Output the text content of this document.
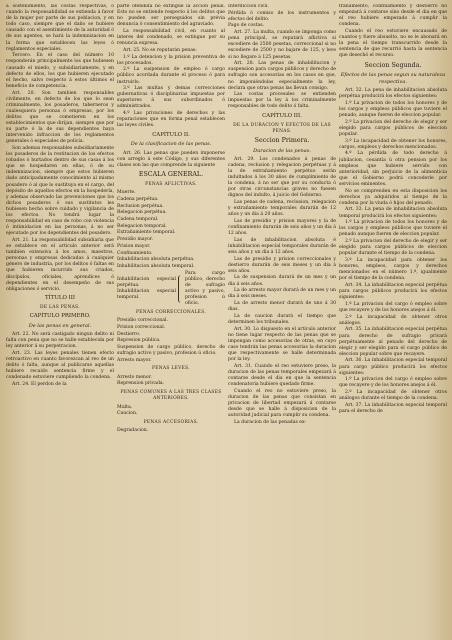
a sostenimiento, las costas respectivas, ó cuando la responsabilidad se extienda á favor de la mujer por parte de sus poblacion, y en todo caso, siempre que el daño se hubiere causado con el asentimiento de la autoridad ó de sus agentes, se hará la indemnizacion en la forma que establecen las leyes ó reglamentos especiales.

Tercero. En el caso del número 10 responderán principalmente los que hubiesen causado el miedo, y subsidiariamente, y en defecto de ellos, los que hubieren ejecutado el hecho, salvo respecto á estos últimos el beneficio de competencia.

Art. 20. Son tambien responsables civilmente, en defecto de los que lo sean criminalmente, los posaderos, taberneros y cualesquiera personas ó empresas, por los delitos que se cometieren en los establecimientos que dirijan, siempre que por su parte ó la de sus dependientes haya intervenido infraccion de los reglamentos generales ó especiales de policía.

Son ademas responsables subsidiariamente los posaderos de la restitucion de los efectos robados ó hurtados dentro de sus casas á los que se hospedaren en ellas, ó de su indemnizacion, siempre que estos hubieren dado anticipadamente conocimiento al mismo posadero ó al que lo sustituya en el cargo, del depósito de aquellos efectos en la hospedería, y ademas observado las prevenciones que los dichos posaderos ó sus sustitutos les hubiesen hecho sobre cuidado y vigilancia de los efectos. No tendrá lugar la responsabilidad en caso de robo con violencia ó intimidacion en las personas, á no ser ejecutado por los dependientes del posadero.

Art. 21. La responsabilidad subsidiaria que se establece en el artículo anterior será tambien extensiva á los amos, maestros, personas y empresas dedicadas á cualquier género de industria, por los delitos ó faltas en que hubieren incurrido sus criados, discípulos, oficiales, aprendices ó dependientes en el desempeño de sus obligaciones ó servicio.

TÍTULO III

DE LAS PENAS.

CAPÍTULO PRIMERO.

De las penas en general.

Art. 22. No será castigado ningun delito ni falta con pena que no se halle establecida por ley anterior á su perpetracion.

Art. 23. Las leyes penales tienen efecto retroactivo en cuanto favorezcan al reo de un delito ó falta, aunque al publicarse aquellas hubiere recaido sentencia firme y el condenado estuviere cumpliendo la condena.

Art. 24. El perdon de la

parte ofendida no extingue la accion penal. Esto no se entiende respecto á los delitos que no pueden ser perseguidos sin prévia denuncia ó consentimiento del agraviado.

La responsabilidad civil, en cuanto al interes del condenado, se extingue por su renuncia expresa.

Art. 25. No se reputarán penas:

1.º La detencion y la prision preventiva de los procesados.

2.º La suspension de empleo ó cargo público acordada durante el proceso ó para instruirlo.

3.º Las multas y demas correcciones gubernativas ó disciplinarias impuestas por superiores á sus subordinados ó administrados.

4.º Las privaciones de derechos y las reparaciones que en forma penal establecen las leyes civiles.

CAPÍTULO II.

De la clasificacion de las penas.

Art. 26. Las penas que pueden imponerse con arreglo á este Código, y sus diferentes clases son las que comprende la siguiente

ESCALA GENERAL.

PENAS AFLICTIVAS.

Muerte.

Cadena perpétua.

Reclusion perpétua.

Relegacion perpétua.

Cadena temporal.

Relegacion temporal.

Extrañamiento temporal.

Presidio mayor.

Prision mayor.

Confinamiento.

Inhabilitacion absoluta perpétua.

Inhabilitacion absoluta temporal.

Inhabilitacion especial perpétua.

Inhabilitacion especial temporal.

Para cargo público, derecho de sufragio activo y pasivo, profesion ú oficio.

PENAS CORRECCIONALES.

Presidio correccional.

Prision correccional.

Destierro.

Represion pública.

Suspension de cargo público, derecho de sufragio activo y pasivo, profesion ú oficio.

Arresto mayor.

PENAS LEVES.

Arresto menor.

Reprension privada.

PENAS COMUNES A LAS TRES CLASES ANTERIORES.

Multa.

Caucion.

PENAS ACCESORIAS.

Degradacion.

Interdiccion civil.

Pérdida ó comiso de los instrumentos y efectos del delito.

Pago de costas.

Art. 27. La multa, cuando se imponga como pena principal, se reputará aflictiva si excediere de 2500 pesetas, correccional si no excediere de 2500 y no bajare de 125, y leve si no llegare á 125 pesetas.

Art. 28. Las penas de inhabilitacion y suspension para cargos públicos y derecho de sufragio son accesorias en los casos en que, no imponiéndolas especialmente la ley, declara que otras penas las llevan consigo.

Las costas procesales se entienden impuestas por la ley á los criminalmente responsables de todo delito ó falta.

CAPÍTULO III.

DE LA DURACION Y EFECTOS DE LAS PENAS.

Seccion Primera.

Duracion de las penas.

Art. 29. Los condenados á penas de cadena, reclusion y relegacion perpétuas y á la de extrañamiento perpétuo serán indultados á los 30 años de cumplimiento de la condena, á no ser que por su conducta ó por otras circunstancias graves no fuesen dignos del indulto, á juicio del Gobierno.

Las penas de cadena, reclusion, relegacion y extrañamiento temporales durarán de 12 años y un dia á 20 años.

Las de presidio y prision mayores y la de confinamiento durarán de seis años y un dia á 12 años.

Las de inhabilitacion absoluta é inhabilitacion especial temporales durarán de seis años y un dia á 12 años.

Las de presidio y prision correccionales y destierro durarán de seis meses y un dia á seis años.

La de suspension durará de un mes y un dia á seis años.

La de arresto mayor durará de un mes y un dia á seis meses.

La de arresto menor durará de uno á 30 dias.

La de caucion durará el tiempo que determinen los tribunales.

Art. 30. Lo dispuesto en el artículo anterior no tiene lugar respecto de las penas que se impongan como accesorias de otras, en cuyo caso tendrán las penas accesorias la duracion que respectivamente se halle determinada por la ley.

Art. 31. Cuando el reo estuviere preso, la duracion de las penas temporales empezará á contarse desde el dia en que la sentencia condenatoria hubiere quedado firme.

Cuando el reo no estuviere preso, la duracion de las penas que consistan en privacion de libertad empezará á contarse desde que se halle á disposicion de la autoridad judicial para cumplir su condena.

La duracion de las penadas ex-

trañamiento, confinamiento y destierro no empezará á contarse sino desde el dia en que el reo hubiere empezado á cumplir la condena.

Cuando el reo estuviere encausado de cuantos y fuere absuelto, no se le abonará en la pena el tiempo transcurrido desde la sentencia de que recurrió hasta la sentencia que desechó el recurso.

Seccion Segunda.

Efectos de las penas segun su naturaleza respectiva.

Art. 32. La pena de inhabilitacion absoluta perpétua producirá los efectos siguientes:

1.º La privacion de todos los honores y de los cargos y empleos públicos que tuviere el penado, aunque fueren de eleccion popular.

2.º La privacion del derecho de elegir y ser elegido para cargos públicos de eleccion popular.

3.º La incapacidad de obtener los honores, cargos, empleos y derechos mencionados.

4.º La pérdida de todo derecho á jubilacion, cesantía ú otra pension por los empleos que hubiere servido con anterioridad, sin perjuicio de la alimenticia que el Gobierno podrá concederle por servicios eminentes.

No se comprenden en esta disposicion los derechos ya adquiridos al tiempo de la condena por la viuda ó hijos del penado.

Art. 33. La pena de inhabilitacion absoluta temporal producirá los efectos siguientes:

1.º La privacion de todos los honores y de los cargos y empleos públicos que tuviere el penado aunque fueren de eleccion popular.

2.º La privacion del derecho de elegir y ser elegido para cargos públicos de eleccion popular durante el tiempo de la condena.

3.º La incapacidad para obtener los honores, empleos, cargos y derechos mencionados en el número 1.º, igualmente por el tiempo de la condena.

Art. 34. La inhabilitacion especial perpétua para cargos públicos producirá los efectos siguientes:

1.º La privacion del cargo ó empleo sobre que recayere y de los honores anejos á él.

2.º La incapacidad de obtener otros análogos.

Art. 35. La inhabilitacion especial perpétua para derecho de sufragio privará perpétuamente al penado del derecho de elegir y ser elegido para el cargo público de eleccion popular sobre que recayere.

Art. 36. La inhabilitacion especial temporal para cargo público producirá los efectos siguientes:

1.º La privacion del cargo ó empleo sobre que recayere y de los honores anejos á él.

2.º La incapacidad de obtener otros análogos durante el tiempo de la condena.

Art. 37. La inhabilitacion especial temporal para el derecho de
